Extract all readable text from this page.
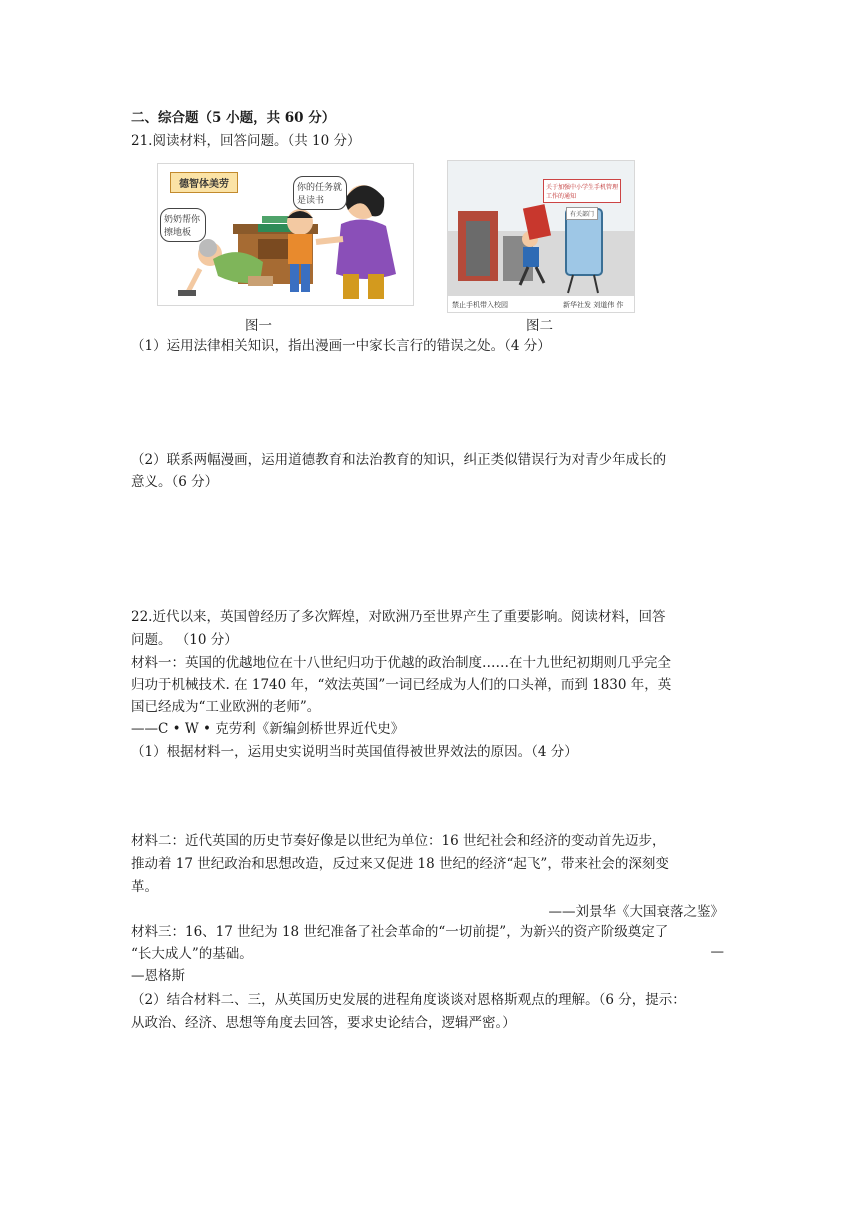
二、综合题（5 小题，共 60 分）
21.阅读材料，回答问题。（共 10 分）
德智体美劳	你的任务就是读书
奶奶帮你擦地板
图一
关于加强中小学生手机管理工作的通知
有关部门
禁止手机带入校园	新华社发 刘道伟 作
图二
（1）运用法律相关知识，指出漫画一中家长言行的错误之处。（4 分）
（2）联系两幅漫画，运用道德教育和法治教育的知识，纠正类似错误行为对青少年成长的
意义。（6 分）
22.近代以来，英国曾经历了多次辉煌，对欧洲乃至世界产生了重要影响。阅读材料，回答
问题。 （10 分）
材料一：英国的优越地位在十八世纪归功于优越的政治制度……在十九世纪初期则几乎完全
归功于机械技术. 在 1740 年，“效法英国”一词已经成为人们的口头禅，而到 1830 年，英
国已经成为“工业欧洲的老师”。
——C • W • 克劳利《新编剑桥世界近代史》
（1）根据材料一，运用史实说明当时英国值得被世界效法的原因。（4 分）
材料二：近代英国的历史节奏好像是以世纪为单位：16 世纪社会和经济的变动首先迈步，
推动着 17 世纪政治和思想改造，反过来又促进 18 世纪的经济“起飞”，带来社会的深刻变
革。
——刘景华《大国衰落之鉴》
材料三：16、17 世纪为 18 世纪准备了社会革命的“一切前提”，为新兴的资产阶级奠定了
“长大成人”的基础。	—
—恩格斯
（2）结合材料二、三，从英国历史发展的进程角度谈谈对恩格斯观点的理解。（6 分，提示：
从政治、经济、思想等角度去回答，要求史论结合，逻辑严密。）
